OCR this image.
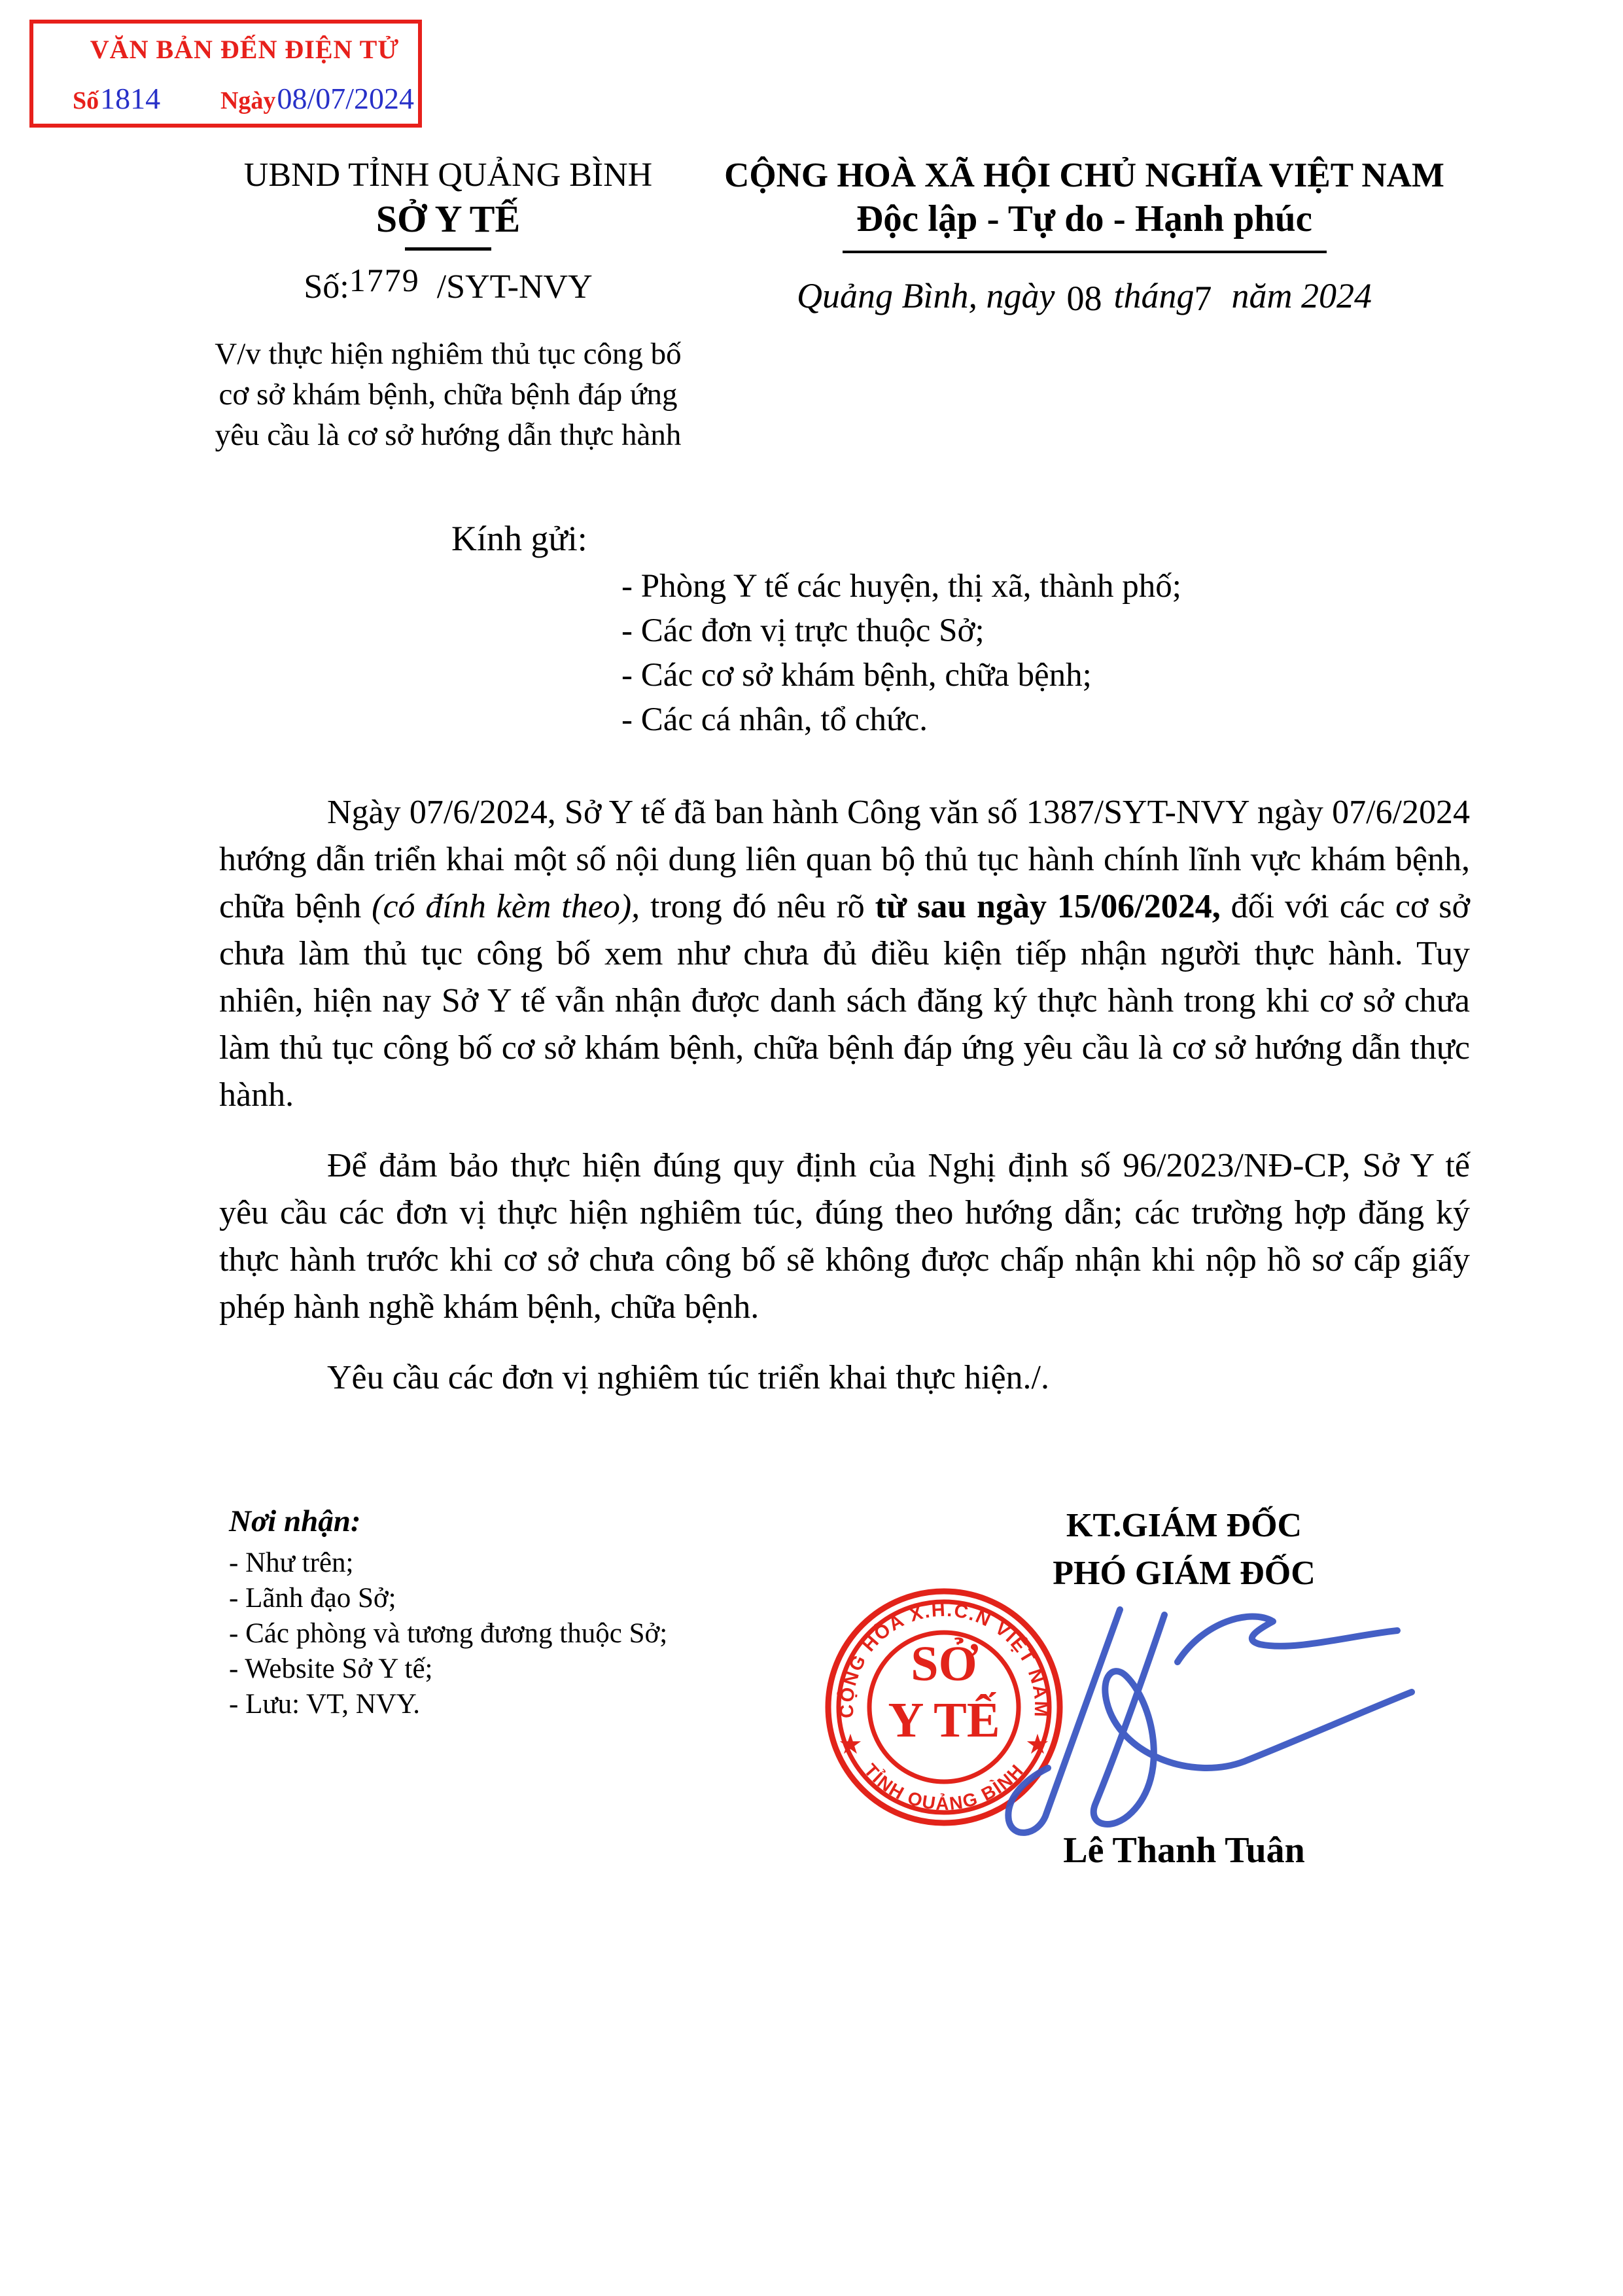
VĂN BẢN ĐẾN ĐIỆN TỬ
Số 1814 Ngày 08/07/2024
UBND TỈNH QUẢNG BÌNH
SỞ Y TẾ
Số:1779 /SYT-NVY
V/v thực hiện nghiêm thủ tục công bố cơ sở khám bệnh, chữa bệnh đáp ứng yêu cầu là cơ sở hướng dẫn thực hành
CỘNG HOÀ XÃ HỘI CHỦ NGHĨA VIỆT NAM
Độc lập - Tự do - Hạnh phúc
Quảng Bình, ngày 08 tháng7 năm 2024
Kính gửi:
- Phòng Y tế các huyện, thị xã, thành phố;
- Các đơn vị trực thuộc Sở;
- Các cơ sở khám bệnh, chữa bệnh;
- Các cá nhân, tổ chức.

Ngày 07/6/2024, Sở Y tế đã ban hành Công văn số 1387/SYT-NVY ngày 07/6/2024 hướng dẫn triển khai một số nội dung liên quan bộ thủ tục hành chính lĩnh vực khám bệnh, chữa bệnh (có đính kèm theo), trong đó nêu rõ từ sau ngày 15/06/2024, đối với các cơ sở chưa làm thủ tục công bố xem như chưa đủ điều kiện tiếp nhận người thực hành. Tuy nhiên, hiện nay Sở Y tế vẫn nhận được danh sách đăng ký thực hành trong khi cơ sở chưa làm thủ tục công bố cơ sở khám bệnh, chữa bệnh đáp ứng yêu cầu là cơ sở hướng dẫn thực hành.

Để đảm bảo thực hiện đúng quy định của Nghị định số 96/2023/NĐ-CP, Sở Y tế yêu cầu các đơn vị thực hiện nghiêm túc, đúng theo hướng dẫn; các trường hợp đăng ký thực hành trước khi cơ sở chưa công bố sẽ không được chấp nhận khi nộp hồ sơ cấp giấy phép hành nghề khám bệnh, chữa bệnh.

Yêu cầu các đơn vị nghiêm túc triển khai thực hiện./.

Nơi nhận:
- Như trên;
- Lãnh đạo Sở;
- Các phòng và tương đương thuộc Sở;
- Website Sở Y tế;
- Lưu: VT, NVY.
KT.GIÁM ĐỐC
PHÓ GIÁM ĐỐC
CỘNG HÒA X.H.C.N VIỆT NAM
TỈNH QUẢNG BÌNH
★	★
SỞ
Y TẾ
Lê Thanh Tuân
